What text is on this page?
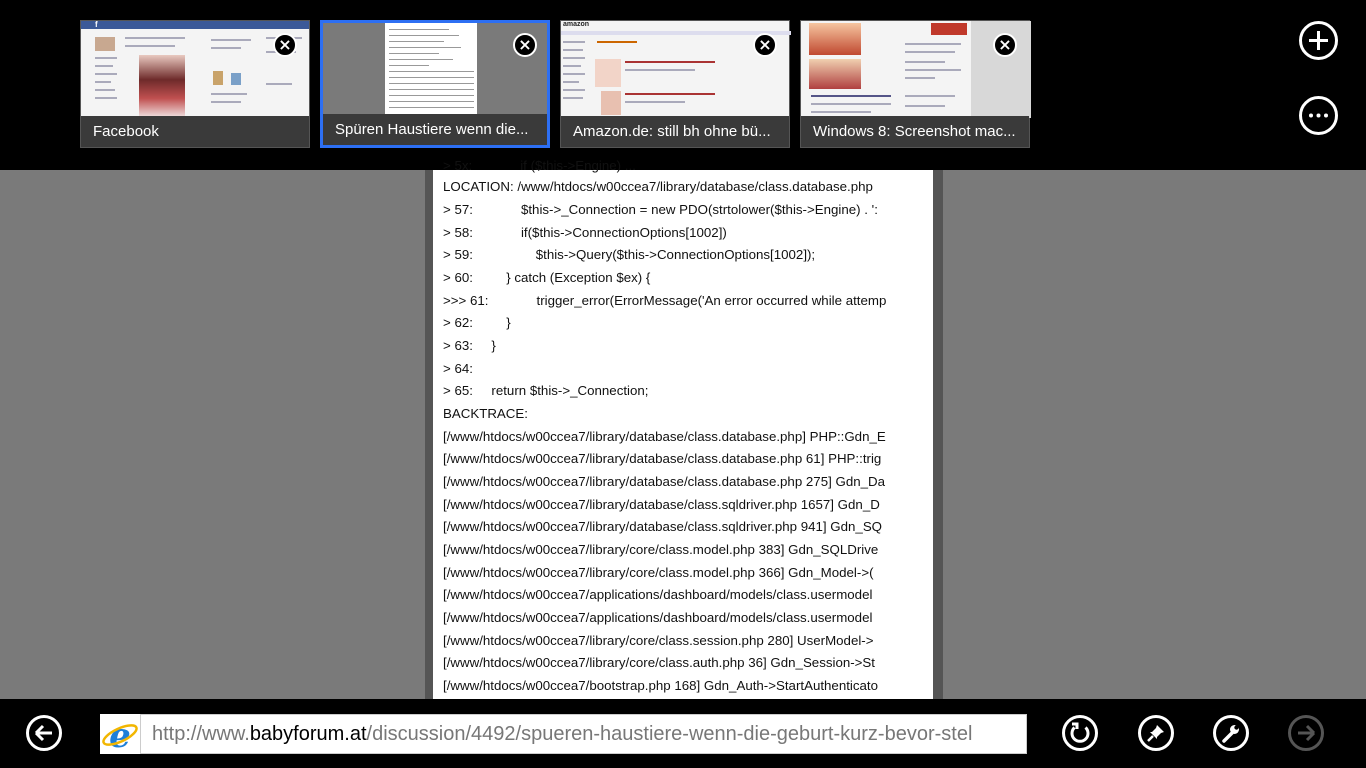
f
Facebook
×
Spüren Haustiere wenn die...
×
amazon
Amazon.de: still bh ohne bü...
×
Windows 8: Screenshot mac...
×
> 5x:             if ($this->Engine) ...
LOCATION: /www/htdocs/w00ccea7/library/database/class.database.php
> 57:             $this->_Connection = new PDO(strtolower($this->Engine) . ':
> 58:             if($this->ConnectionOptions[1002])
> 59:                 $this->Query($this->ConnectionOptions[1002]);
> 60:         } catch (Exception $ex) {
>>> 61:             trigger_error(ErrorMessage('An error occurred while attemp
> 62:         }
> 63:     }
> 64:
> 65:     return $this->_Connection;
BACKTRACE:
[/www/htdocs/w00ccea7/library/database/class.database.php] PHP::Gdn_E
[/www/htdocs/w00ccea7/library/database/class.database.php 61] PHP::trig
[/www/htdocs/w00ccea7/library/database/class.database.php 275] Gdn_Da
[/www/htdocs/w00ccea7/library/database/class.sqldriver.php 1657] Gdn_D
[/www/htdocs/w00ccea7/library/database/class.sqldriver.php 941] Gdn_SQ
[/www/htdocs/w00ccea7/library/core/class.model.php 383] Gdn_SQLDrive
[/www/htdocs/w00ccea7/library/core/class.model.php 366] Gdn_Model->(
[/www/htdocs/w00ccea7/applications/dashboard/models/class.usermodel
[/www/htdocs/w00ccea7/applications/dashboard/models/class.usermodel
[/www/htdocs/w00ccea7/library/core/class.session.php 280] UserModel->
[/www/htdocs/w00ccea7/library/core/class.auth.php 36] Gdn_Session->St
[/www/htdocs/w00ccea7/bootstrap.php 168] Gdn_Auth->StartAuthenticato
e http://www.babyforum.at/discussion/4492/spueren-haustiere-wenn-die-geburt-kurz-bevor-stel
